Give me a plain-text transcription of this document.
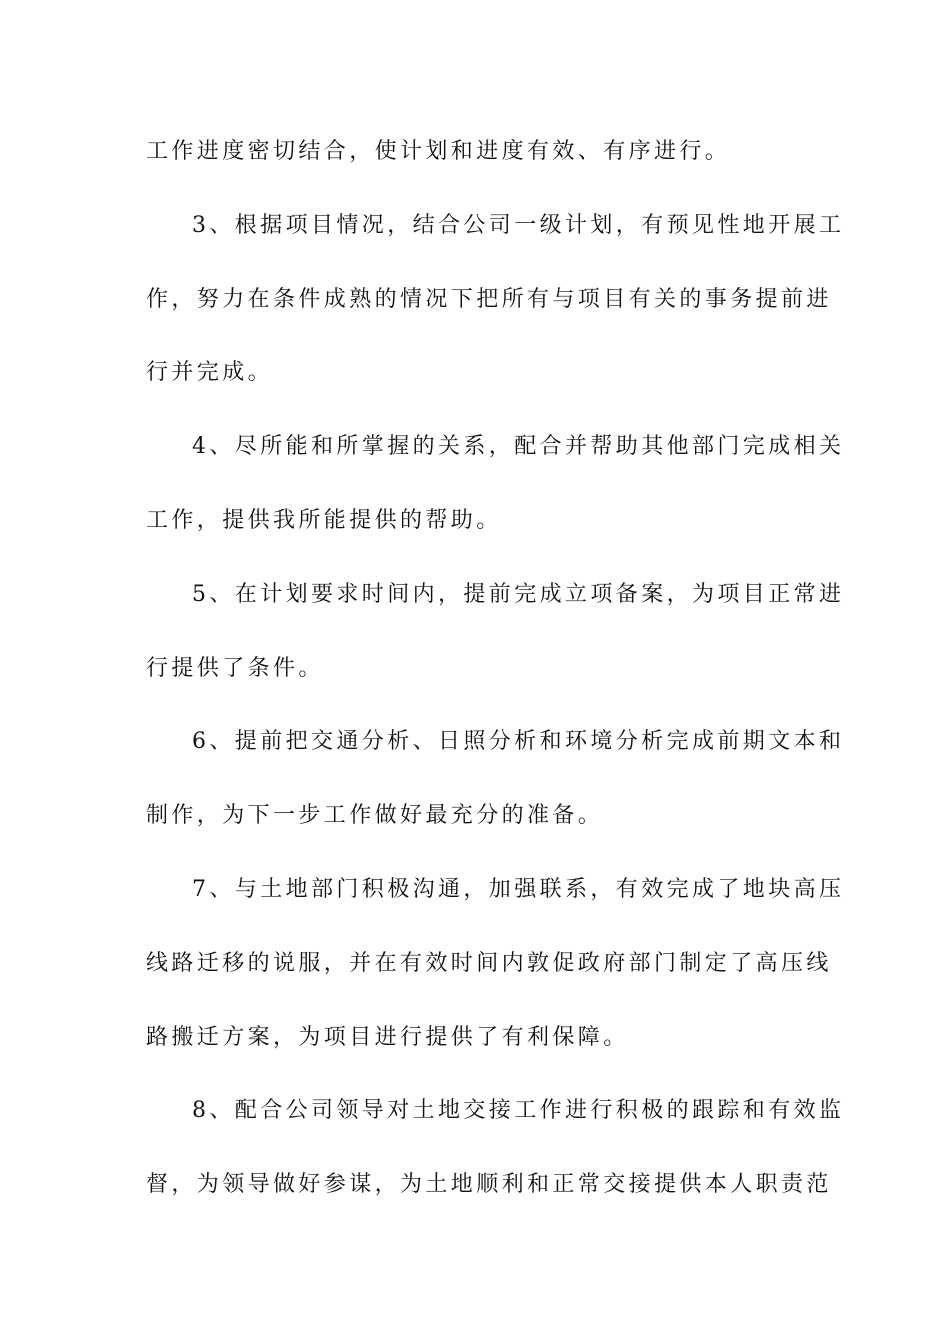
工作进度密切结合，使计划和进度有效、有序进行。
3、根据项目情况，结合公司一级计划，有预见性地开展工
作，努力在条件成熟的情况下把所有与项目有关的事务提前进
行并完成。
4、尽所能和所掌握的关系，配合并帮助其他部门完成相关
工作，提供我所能提供的帮助。
5、在计划要求时间内，提前完成立项备案，为项目正常进
行提供了条件。
6、提前把交通分析、日照分析和环境分析完成前期文本和
制作，为下一步工作做好最充分的准备。
7、与土地部门积极沟通，加强联系，有效完成了地块高压
线路迁移的说服，并在有效时间内敦促政府部门制定了高压线
路搬迁方案，为项目进行提供了有利保障。
8、配合公司领导对土地交接工作进行积极的跟踪和有效监
督，为领导做好参谋，为土地顺利和正常交接提供本人职责范
